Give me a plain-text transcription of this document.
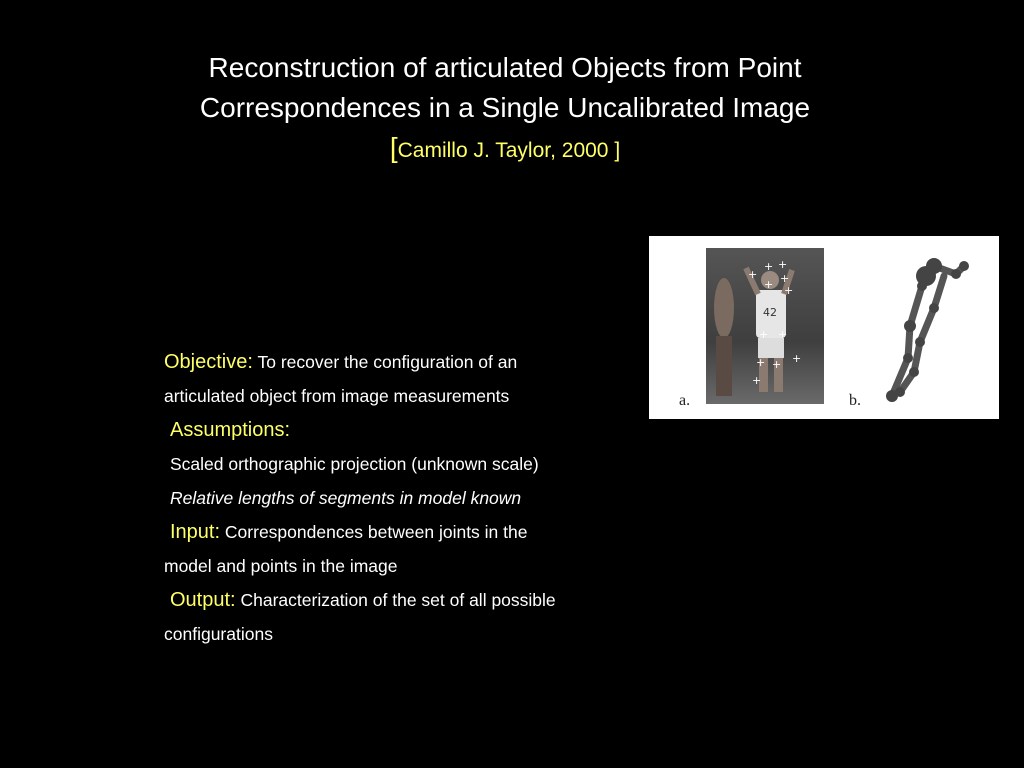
Reconstruction of articulated Objects from Point
Correspondences in a Single Uncalibrated Image
[Camillo J. Taylor, 2000 ]

Objective: To recover the configuration of an
articulated object from image measurements

Assumptions:

Scaled orthographic projection (unknown scale)

Relative lengths of segments in model known

Input: Correspondences between joints in the
model and points in the image

Output: Characterization of the set of all possible
configurations

42
+
+ +
+
+ +
+ +
+ + +
+
a.	b.
